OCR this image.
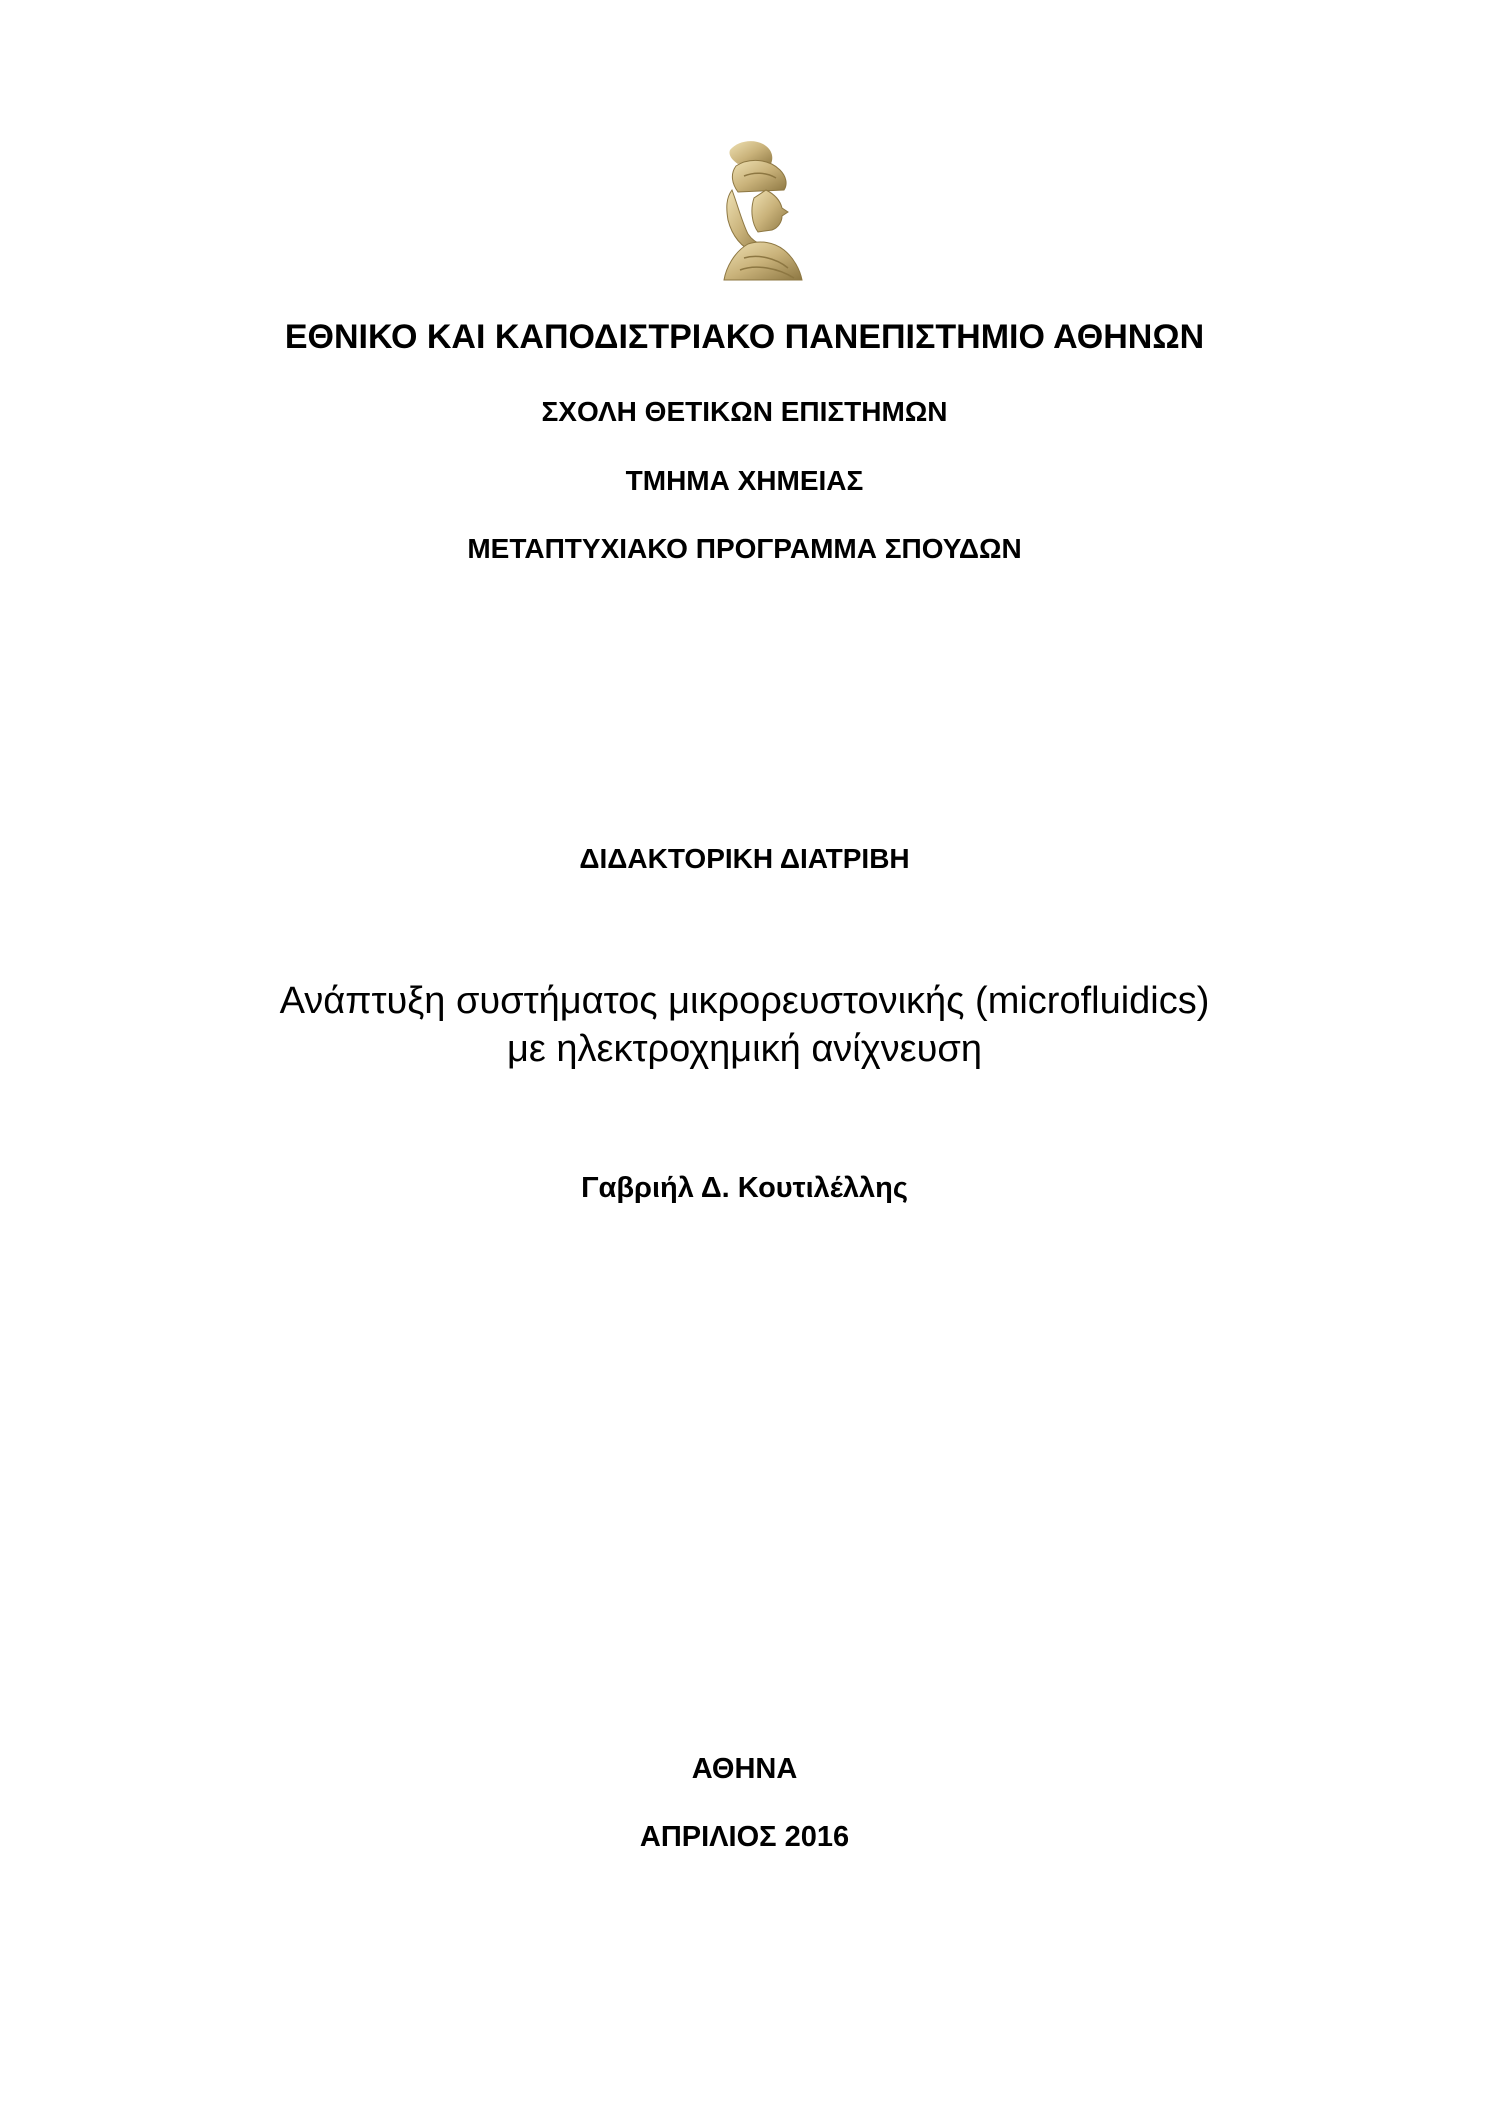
ΕΘΝΙΚΟ ΚΑΙ ΚΑΠΟΔΙΣΤΡΙΑΚΟ ΠΑΝΕΠΙΣΤΗΜΙΟ ΑΘΗΝΩΝ
ΣΧΟΛΗ ΘΕΤΙΚΩΝ ΕΠΙΣΤΗΜΩΝ
ΤΜΗΜΑ ΧΗΜΕΙΑΣ
ΜΕΤΑΠΤΥΧΙΑΚΟ ΠΡΟΓΡΑΜΜΑ ΣΠΟΥΔΩΝ
ΔΙΔΑΚΤΟΡΙΚΗ ΔΙΑΤΡΙΒΗ
Ανάπτυξη συστήματος μικρορευστονικής (microfluidics)
με ηλεκτροχημική ανίχνευση
Γαβριήλ Δ. Κουτιλέλλης
ΑΘΗΝΑ
ΑΠΡΙΛΙΟΣ 2016
